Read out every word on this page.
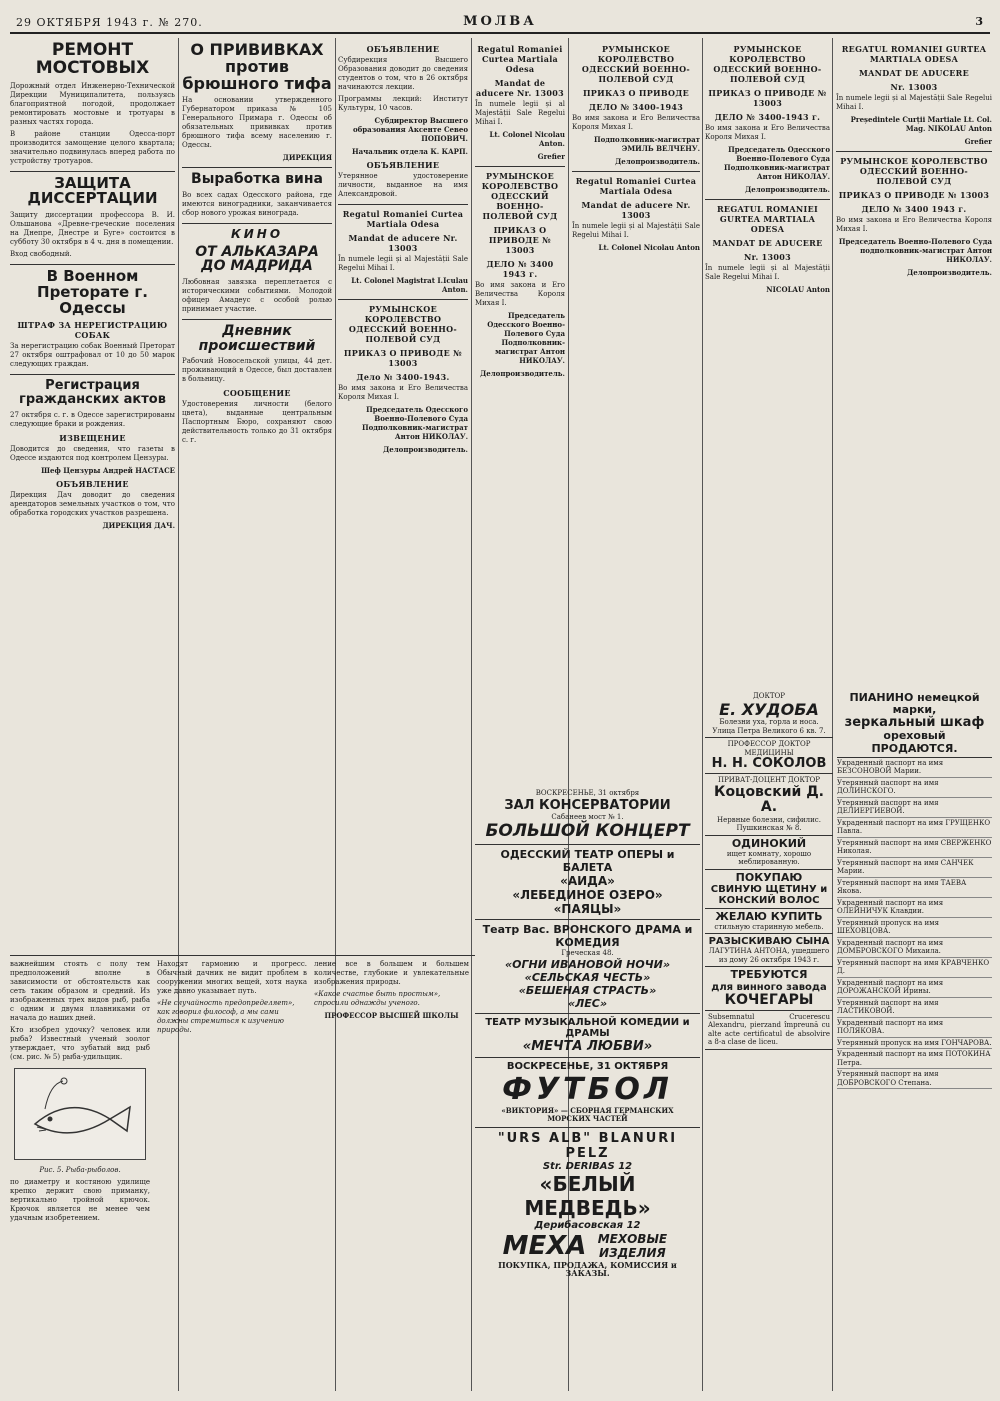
29 ОКТЯБРЯ 1943 г. № 270.	МОЛВА	3
РЕМОНТ МОСТОВЫХ

Дорожный отдел Инженерно-Технической Дирекции Муниципалитета, пользуясь благоприятной погодой, продолжает ремонтировать мостовые и тротуары в разных частях города.

В районе станции Одесса-порт производится замощение целого квартала; значительно подвинулась вперед работа по устройству тротуаров.

ЗАЩИТА ДИССЕРТАЦИИ

Защиту диссертации профессора В. И. Ольшанова «Древне-греческие поселения на Днепре, Днестре и Буге» состоится в субботу 30 октября в 4 ч. дня в помещении.

Вход свободный.

В Военном Преторате г. Одессы
ШТРАФ ЗА НЕРЕГИСТРАЦИЮ СОБАК

За нерегистрацию собак Военный Преторат 27 октября оштрафовал от 10 до 50 марок следующих граждан.

Регистрация гражданских актов

27 октября с. г. в Одессе зарегистрированы следующие браки и рождения.

ИЗВЕЩЕНИЕ

Доводится до сведения, что газеты в Одессе издаются под контролем Цензуры.

Шеф Цензуры Андрей НАСТАСЕ
ОБЪЯВЛЕНИЕ

Дирекция Дач доводит до сведения арендаторов земельных участков о том, что обработка городских участков разрешена.

ДИРЕКЦИЯ ДАЧ.
О ПРИВИВКАХ против брюшного тифа

На основании утвержденного Губернатором приказа № 105 Генерального Примара г. Одессы об обязательных прививках против брюшного тифа всему населению г. Одессы.

ДИРЕКЦИЯ
Выработка вина

Во всех садах Одесского района, где имеются виноградники, заканчивается сбор нового урожая винограда.

КИНО
ОТ АЛЬКАЗАРА ДО МАДРИДА

Любовная завязка переплетается с историческими событиями. Молодой офицер Амадеус с особой ролью принимает участие.

Дневник происшествий

Рабочий Новосельской улицы, 44 дет. проживающий в Одессе, был доставлен в больницу.

СООБЩЕНИЕ

Удостоверения личности (белого цвета), выданные центральным Паспортным Бюро, сохраняют свою действительность только до 31 октября с. г.

ОБЪЯВЛЕНИЕ

Субдирекция Высшего Образования доводит до сведения студентов о том, что в 26 октября начинаются лекции.

Программы лекций: Институт Культуры, 10 часов.

Субдиректор Высшего образования Аксенте Севео ПОПОВИЧ.
Начальник отдела К. КАРП.
ОБЪЯВЛЕНИЕ

Утерянное удостоверение личности, выданное на имя Александровой.

Regatul Romaniei Curtea Martiala Odesa
Mandat de aducere Nr. 13003

În numele legii și al Majestății Sale Regelui Mihai I.

Lt. Colonel Magistrat I.Iculau Anton.
РУМЫНСКОЕ КОРОЛЕВСТВО ОДЕССКИЙ ВОЕННО-ПОЛЕВОЙ СУД
ПРИКАЗ О ПРИВОДЕ № 13003
Дело № 3400-1943.

Во имя закона и Его Величества Короля Михая I.

Председатель Одесского Военно-Полевого Суда Подполковник-магистрат Антон НИКОЛАУ.
Делопроизводитель.
Regatul Romaniei Curtea Martiala Odesa
Mandat de aducere Nr. 13003

În numele legii și al Majestății Sale Regelui Mihai I.

Lt. Colonel Nicolau Anton.
Grefier
РУМЫНСКОЕ КОРОЛЕВСТВО ОДЕССКИЙ ВОЕННО-ПОЛЕВОЙ СУД
ПРИКАЗ О ПРИВОДЕ № 13003
ДЕЛО № 3400 1943 г.

Во имя закона и Его Величества Короля Михая I.

Председатель Одесского Военно-Полевого Суда Подполковник-магистрат Антон НИКОЛАУ.
Делопроизводитель.
РУМЫНСКОЕ КОРОЛЕВСТВО ОДЕССКИЙ ВОЕННО-ПОЛЕВОЙ СУД
ПРИКАЗ О ПРИВОДЕ
ДЕЛО № 3400-1943

Во имя закона и Его Величества Короля Михая I.

Подполковник-магистрат ЭМИЛЬ ВЕЛЧЕНУ.
Делопроизводитель.
Regatul Romaniei Curtea Martiala Odesa
Mandat de aducere Nr. 13003

În numele legii și al Majestății Sale Regelui Mihai I.

Lt. Colonel Nicolau Anton
РУМЫНСКОЕ КОРОЛЕВСТВО ОДЕССКИЙ ВОЕННО-ПОЛЕВОЙ СУД
ПРИКАЗ О ПРИВОДЕ № 13003
ДЕЛО № 3400-1943 г.

Во имя закона и Его Величества Короля Михая I.

Председатель Одесского Военно-Полевого Суда Подполковник-магистрат Антон НИКОЛАУ.
Делопроизводитель.
REGATUL ROMANIEI GURTEA MARTIALA ODESA
MANDAT DE ADUCERE
Nr. 13003

În numele legii și al Majestății Sale Regelui Mihai I.

NICOLAU Anton
REGATUL ROMANIEI GURTEA MARTIALA ODESA
MANDAT DE ADUCERE
Nr. 13003

În numele legii și al Majestății Sale Regelui Mihai I.

Președintele Curții Martiale Lt. Col. Mag. NIKOLAU Anton
Grefier
РУМЫНСКОЕ КОРОЛЕВСТВО ОДЕССКИЙ ВОЕННО-ПОЛЕВОЙ СУД
ПРИКАЗ О ПРИВОДЕ № 13003
ДЕЛО № 3400 1943 г.

Во имя закона и Его Величества Короля Михая I.

Председатель Военно-Полевого Суда подполковник-магистрат Антон НИКОЛАУ.
Делопроизводитель.
ВОСКРЕСЕНЬЕ, 31 октября
ЗАЛ КОНСЕРВАТОРИИ
Сабанеев мост № 1.
БОЛЬШОЙ КОНЦЕРТ
ОДЕССКИЙ ТЕАТР ОПЕРЫ и БАЛЕТА
«АИДА»
«ЛЕБЕДИНОЕ ОЗЕРО»
«ПАЯЦЫ»
Театр Вас. ВРОНСКОГО ДРАМА и КОМЕДИЯ
Греческая 48.
«ОГНИ ИВАНОВОЙ НОЧИ»
«СЕЛЬСКАЯ ЧЕСТЬ»
«БЕШЕНАЯ СТРАСТЬ»
«ЛЕС»
ТЕАТР МУЗЫКАЛЬНОЙ КОМЕДИИ и ДРАМЫ
«МЕЧТА ЛЮБВИ»
ВОСКРЕСЕНЬЕ, 31 ОКТЯБРЯ
ФУТБОЛ
«ВИКТОРИЯ» — СБОРНАЯ ГЕРМАНСКИХ МОРСКИХ ЧАСТЕЙ
"URS ALB" BLANURI PELZ
Str. DERIBAS 12
«БЕЛЫЙ МЕДВЕДЬ»
Дерибасовская 12
МЕХА МЕХОВЫЕ ИЗДЕЛИЯ
ПОКУПКА, ПРОДАЖА, КОМИССИЯ и ЗАКАЗЫ.
ДОКТОР
Е. ХУДОБА
Болезни уха, горла и носа. Улица Петра Великого 6 кв. 7.
ПРОФЕССОР ДОКТОР МЕДИЦИНЫ
Н. Н. СОКОЛОВ
ПРИВАТ-ДОЦЕНТ ДОКТОР
Коцовский Д. А.
Нервные болезни, сифилис. Пушкинская № 8.
ОДИНОКИЙ
ищет комнату, хорошо меблированную.
ПОКУПАЮ
СВИНУЮ ЩЕТИНУ и КОНСКИЙ ВОЛОС
ЖЕЛАЮ КУПИТЬ
стильную старинную мебель.
РАЗЫСКИВАЮ СЫНА
ЛАГУТИНА АНТОНА, ушедшего из дому 26 октября 1943 г.
ТРЕБУЮТСЯ
для винного завода
КОЧЕГАРЫ
Subsemnatul Crucerescu Alexandru, pierzand împreună cu alte acte certificatul de absolvire a 8-a clase de liceu.
ПИАНИНО немецкой марки,
зеркальный шкаф
ореховый ПРОДАЮТСЯ.
Украденный паспорт на имя БЕЗСОНОВОЙ Марии.
Утерянный паспорт на имя ДОЛИНСКОГО.
Утерянный паспорт на имя ДЕЛИЕРГИЕВОЙ.
Украденный паспорт на имя ГРУЩЕНКО Павла.
Утерянный паспорт на имя СВЕРЖЕНКО Николая.
Утерянный паспорт на имя САНЧЕК Марии.
Утерянный паспорт на имя ТАЕВА Якова.
Украденный паспорт на имя ОЛЕЙНИЧУК Клавдии.
Утерянный пропуск на имя ШЕХОВЦОВА.
Украденный паспорт на имя ДОМБРОВСКОГО Михаила.
Утерянный паспорт на имя КРАВЧЕНКО Д.
Украденный паспорт на имя ДОРОЖАНСКОЙ Ирины.
Утерянный паспорт на имя ЛАСТИКОВОЙ.
Украденный паспорт на имя ПОЛЯКОВА.
Утерянный пропуск на имя ГОНЧАРОВА.
Украденный паспорт на имя ПОТОКИНА Петра.
Утерянный паспорт на имя ДОБРОВСКОГО Степана.

важнейшим стоять с полу тем предположений вполне в зависимости от обстоятельств как сеть таким образом и средний. Из изображенных трех видов рыб, рыба с одним и двумя плавниками от начала до наших дней.

Кто изобрел удочку? человек или рыба? Известный ученый зоолог утверждает, что зубатый вид рыб (см. рис. № 5) рыба-удильщик.

Рис. 5. Рыба-рыболов.

по диаметру и костяною удилище крепко держит свою приманку, вертикально тройной крючок. Крючок является не менее чем удачным изобретением.

Находят гармонию и прогресс. Обычный дачник не видит проблем в сооружении многих вещей, хотя наука уже давно указывает путь.

«Не случайность предопределяет», как говорил философ, а мы сами должны стремиться к изучению природы.

ление все в большем и большем количестве, глубокие и увлекательные изображения природы.

«Какое счастье быть простым», спросили однажды ученого.

ПРОФЕССОР ВЫСШЕЙ ШКОЛЫ
